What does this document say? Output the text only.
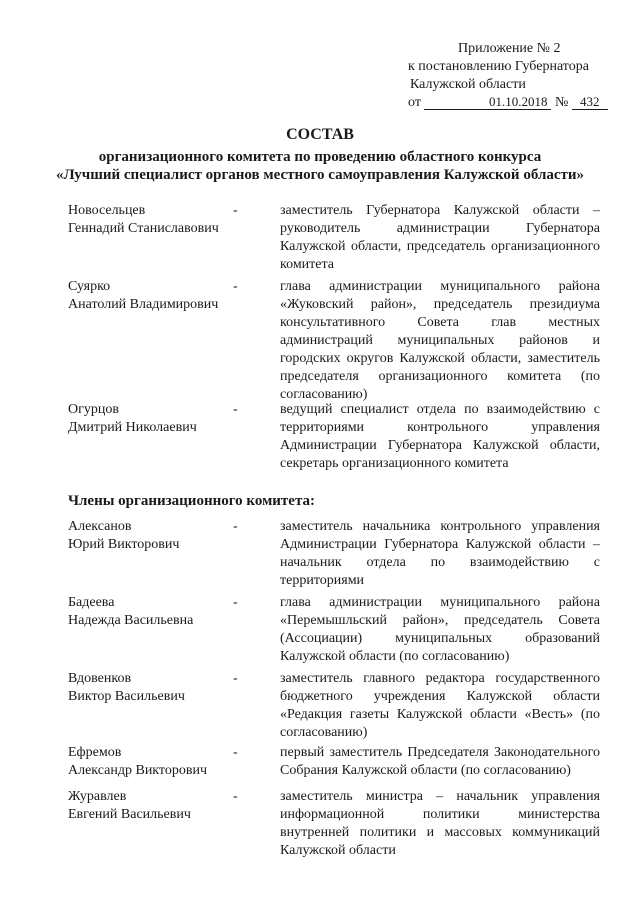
Приложение № 2
к постановлению Губернатора
Калужской области
от	01.10.2018 № 432
СОСТАВ
организационного комитета по проведению областного конкурса
«Лучший специалист органов местного самоуправления Калужской области»
Новосельцев
Геннадий Станиславович
-	заместитель Губернатора Калужской области – руководитель администрации Губернатора Калужской области, председатель организационного комитета
Суярко
Анатолий Владимирович
-	глава администрации муниципального района «Жуковский район», председатель президиума консультативного Совета глав местных администраций муниципальных районов и городских округов Калужской области, заместитель председателя организационного комитета (по согласованию)
Огурцов
Дмитрий Николаевич
-	ведущий специалист отдела по взаимодействию с территориями контрольного управления Администрации Губернатора Калужской области, секретарь организационного комитета
Члены организационного комитета:
Алексанов
Юрий Викторович
-	заместитель начальника контрольного управления Администрации Губернатора Калужской области – начальник отдела по взаимодействию с территориями
Бадеева
Надежда Васильевна
-	глава администрации муниципального района «Перемышльский район», председатель Совета (Ассоциации) муниципальных образований Калужской области (по согласованию)
Вдовенков
Виктор Васильевич
-	заместитель главного редактора государственного бюджетного учреждения Калужской области «Редакция газеты Калужской области «Весть» (по согласованию)
Ефремов
Александр Викторович
-	первый заместитель Председателя Законодательного Собрания Калужской области (по согласованию)
Журавлев
Евгений Васильевич
-	заместитель министра – начальник управления информационной политики министерства внутренней политики и массовых коммуникаций Калужской области
